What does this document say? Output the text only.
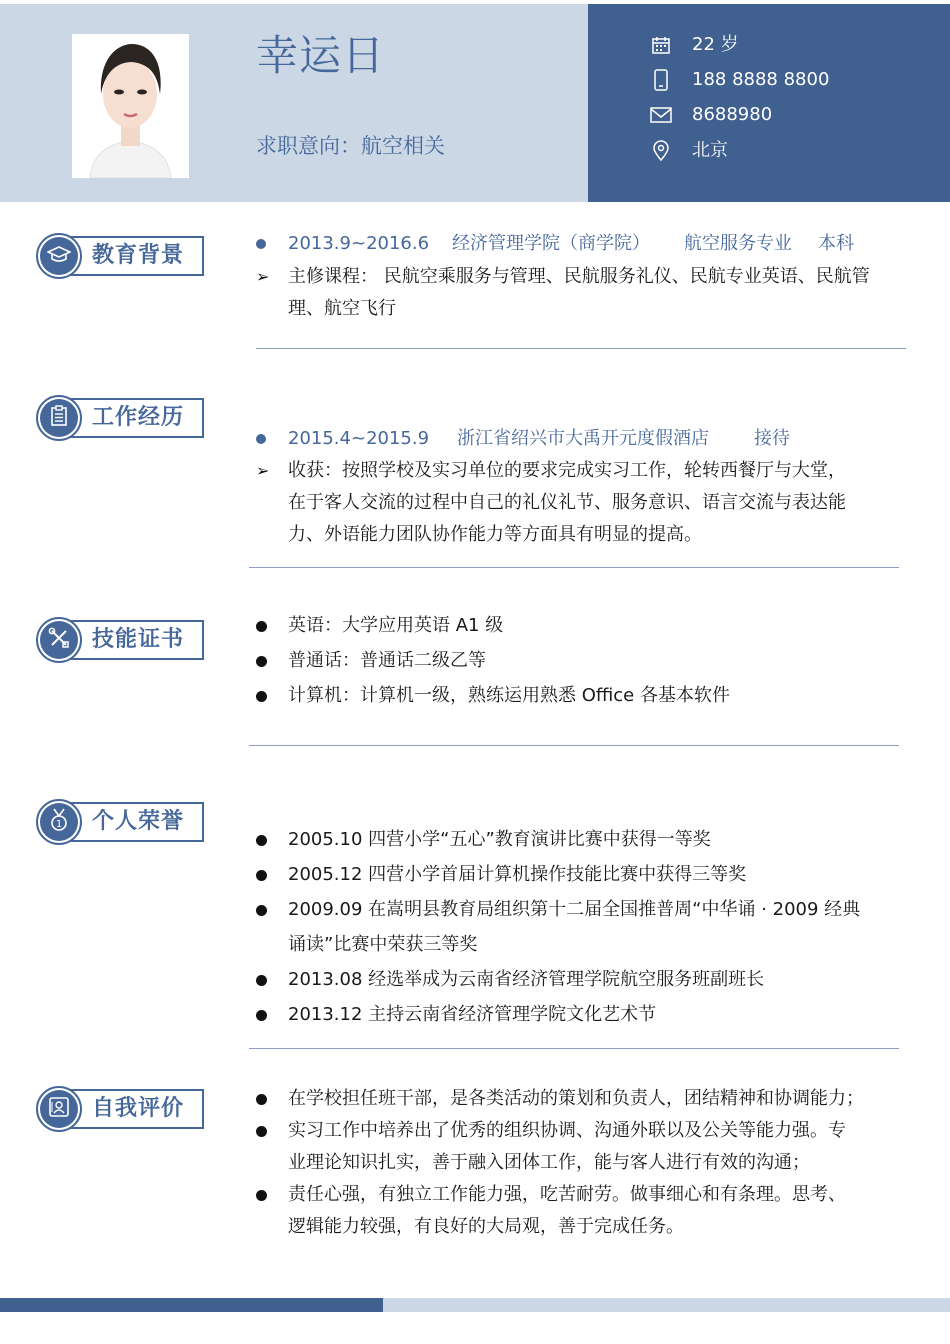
幸运日
求职意向：航空相关
22 岁
188 8888 8800
8688980
北京
教育背景	2013.9~2016.6 经济管理学院（商学院） 航空服务专业 本科
➢ 主修课程： 民航空乘服务与管理、民航服务礼仪、民航专业英语、民航管
理、航空飞行
工作经历
2015.4~2015.9 浙江省绍兴市大禹开元度假酒店	接待
➢ 收获：按照学校及实习单位的要求完成实习工作，轮转西餐厅与大堂，
在于客人交流的过程中自己的礼仪礼节、服务意识、语言交流与表达能
力、外语能力团队协作能力等方面具有明显的提高。
技能证书
英语：大学应用英语 A1 级
普通话：普通话二级乙等
计算机：计算机一级，熟练运用熟悉 Office 各基本软件
1 个人荣誉
2005.10 四营小学“五心”教育演讲比赛中获得一等奖
2005.12 四营小学首届计算机操作技能比赛中获得三等奖
2009.09 在嵩明县教育局组织第十二届全国推普周“中华诵 · 2009 经典
诵读”比赛中荣获三等奖
2013.08 经选举成为云南省经济管理学院航空服务班副班长
2013.12 主持云南省经济管理学院文化艺术节
自我评价	在学校担任班干部，是各类活动的策划和负责人，团结精神和协调能力；
实习工作中培养出了优秀的组织协调、沟通外联以及公关等能力强。专
业理论知识扎实，善于融入团体工作，能与客人进行有效的沟通；
责任心强，有独立工作能力强，吃苦耐劳。做事细心和有条理。思考、
逻辑能力较强，有良好的大局观，善于完成任务。
